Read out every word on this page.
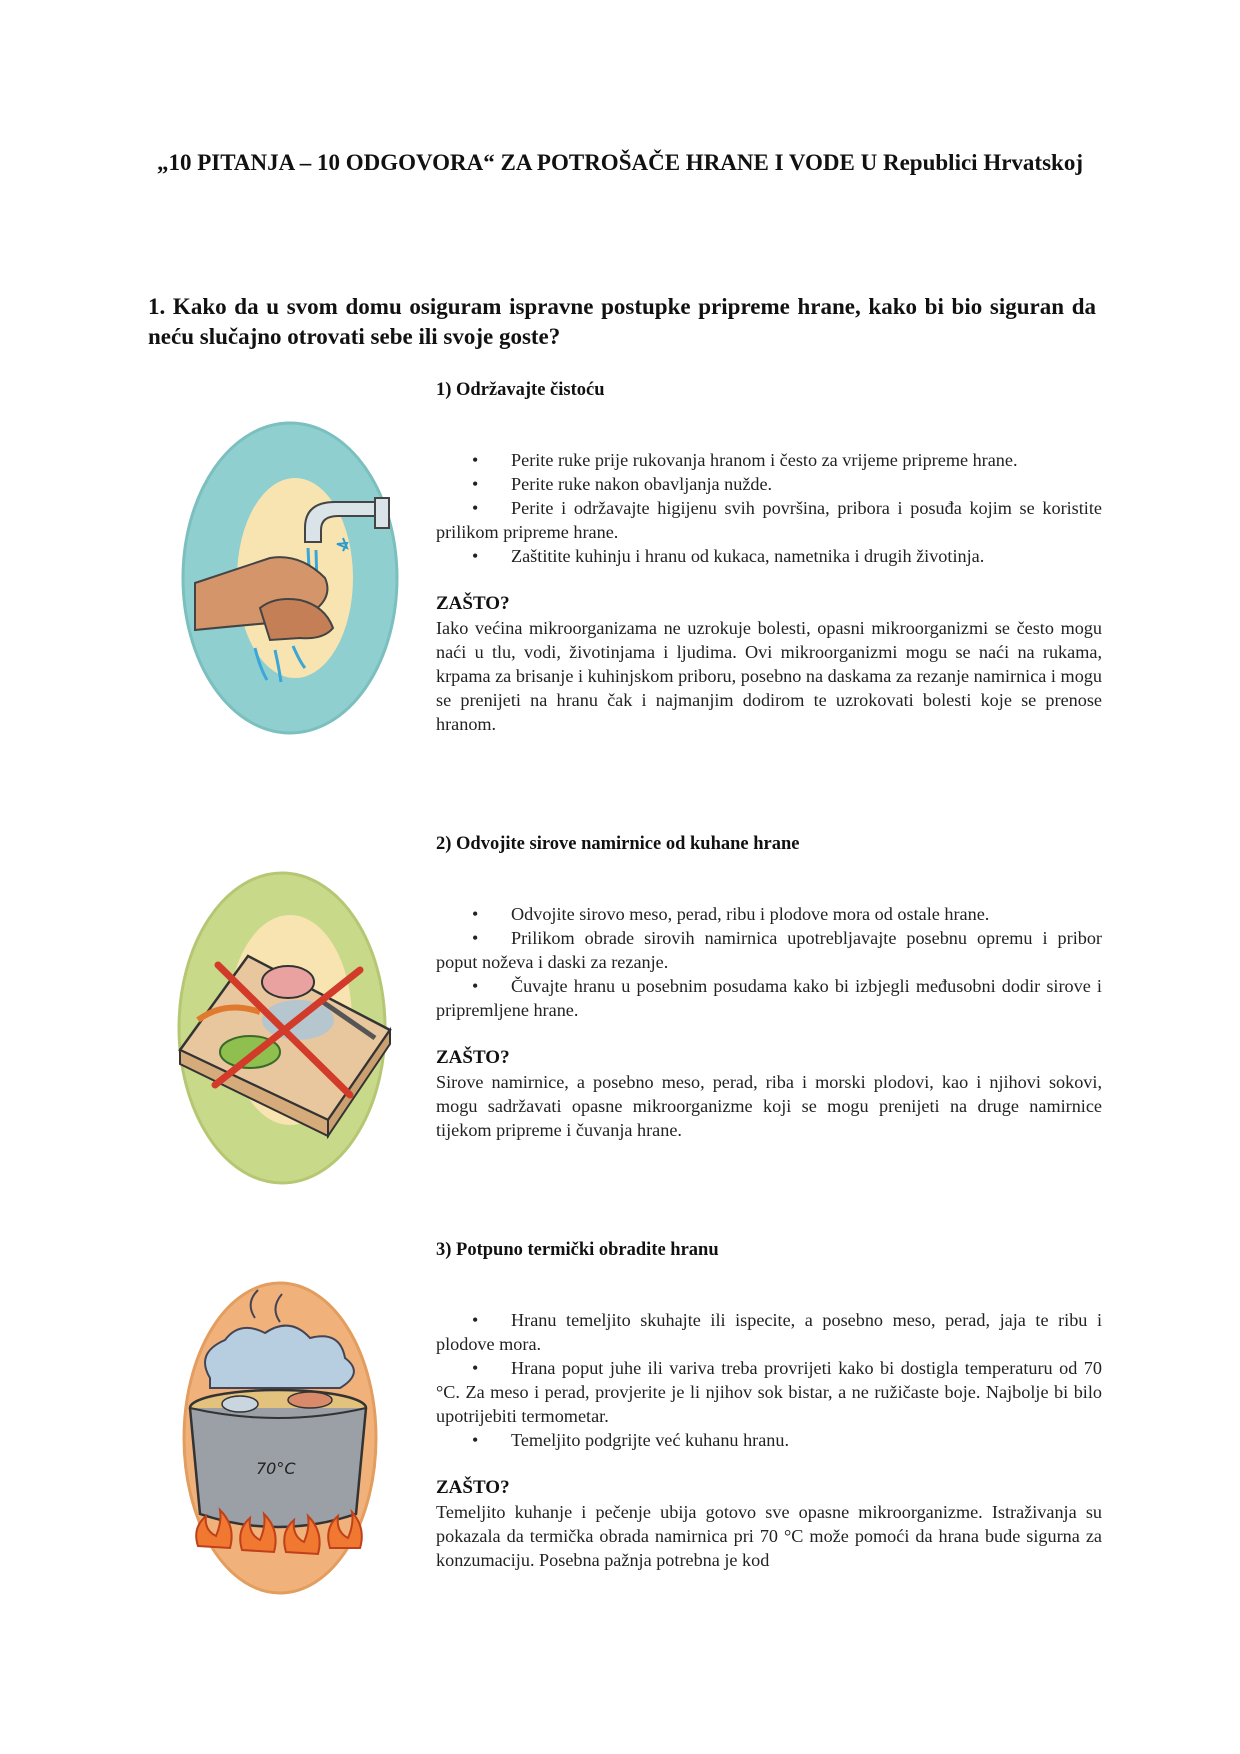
„10 PITANJA – 10 ODGOVORA“ ZA POTROŠAČE HRANE I VODE U Republici Hrvatskoj
1. Kako da u svom domu osiguram ispravne postupke pripreme hrane, kako bi bio siguran da neću slučajno otrovati sebe ili svoje goste?
1) Održavajte čistoću
• Perite ruke prije rukovanja hranom i često za vrijeme pripreme hrane.
• Perite ruke nakon obavljanja nužde.
• Perite i održavajte higijenu svih površina, pribora i posuđa kojim se koristite prilikom pripreme hrane.
• Zaštitite kuhinju i hranu od kukaca, nametnika i drugih životinja.
ZAŠTO?

Iako većina mikroorganizama ne uzrokuje bolesti, opasni mikroorganizmi se često mogu naći u tlu, vodi, životinjama i ljudima. Ovi mikroorganizmi mogu se naći na rukama, krpama za brisanje i kuhinjskom priboru, posebno na daskama za rezanje namirnica i mogu se prenijeti na hranu čak i najmanjim dodirom te uzrokovati bolesti koje se prenose hranom.

2) Odvojite sirove namirnice od kuhane hrane
• Odvojite sirovo meso, perad, ribu i plodove mora od ostale hrane.
• Prilikom obrade sirovih namirnica upotrebljavajte posebnu opremu i pribor poput noževa i daski za rezanje.
• Čuvajte hranu u posebnim posudama kako bi izbjegli međusobni dodir sirove i pripremljene hrane.
ZAŠTO?

Sirove namirnice, a posebno meso, perad, riba i morski plodovi, kao i njihovi sokovi, mogu sadržavati opasne mikroorganizme koji se mogu prenijeti na druge namirnice tijekom pripreme i čuvanja hrane.

70°C
3) Potpuno termički obradite hranu
• Hranu temeljito skuhajte ili ispecite, a posebno meso, perad, jaja te ribu i plodove mora.
• Hrana poput juhe ili variva treba provrijeti kako bi dostigla temperaturu od 70 °C. Za meso i perad, provjerite je li njihov sok bistar, a ne ružičaste boje. Najbolje bi bilo upotrijebiti termometar.
• Temeljito podgrijte već kuhanu hranu.
ZAŠTO?

Temeljito kuhanje i pečenje ubija gotovo sve opasne mikroorganizme. Istraživanja su pokazala da termička obrada namirnica pri 70 °C može pomoći da hrana bude sigurna za konzumaciju. Posebna pažnja potrebna je kod
